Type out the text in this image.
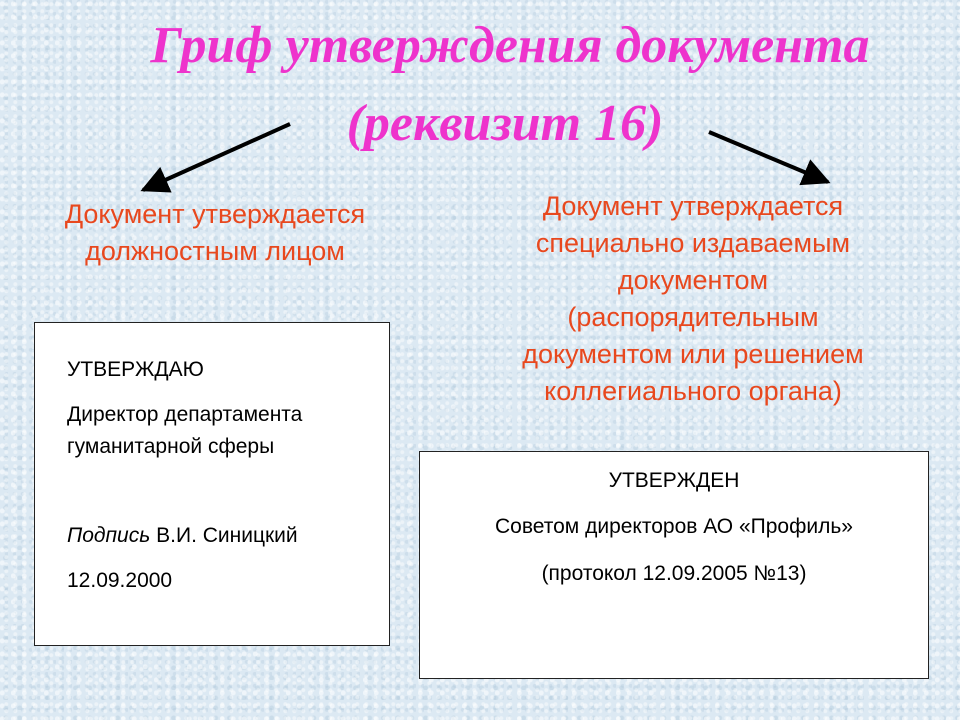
Гриф утверждения документа
(реквизит 16)
Документ утверждается
должностным лицом
Документ утверждается
специально издаваемым
документом
(распорядительным
документом или решением
коллегиального органа)
УТВЕРЖДАЮ
Директор департамента
гуманитарной сферы
Подпись В.И. Синицкий
12.09.2000
УТВЕРЖДЕН
Советом директоров АО «Профиль»
(протокол 12.09.2005 №13)
